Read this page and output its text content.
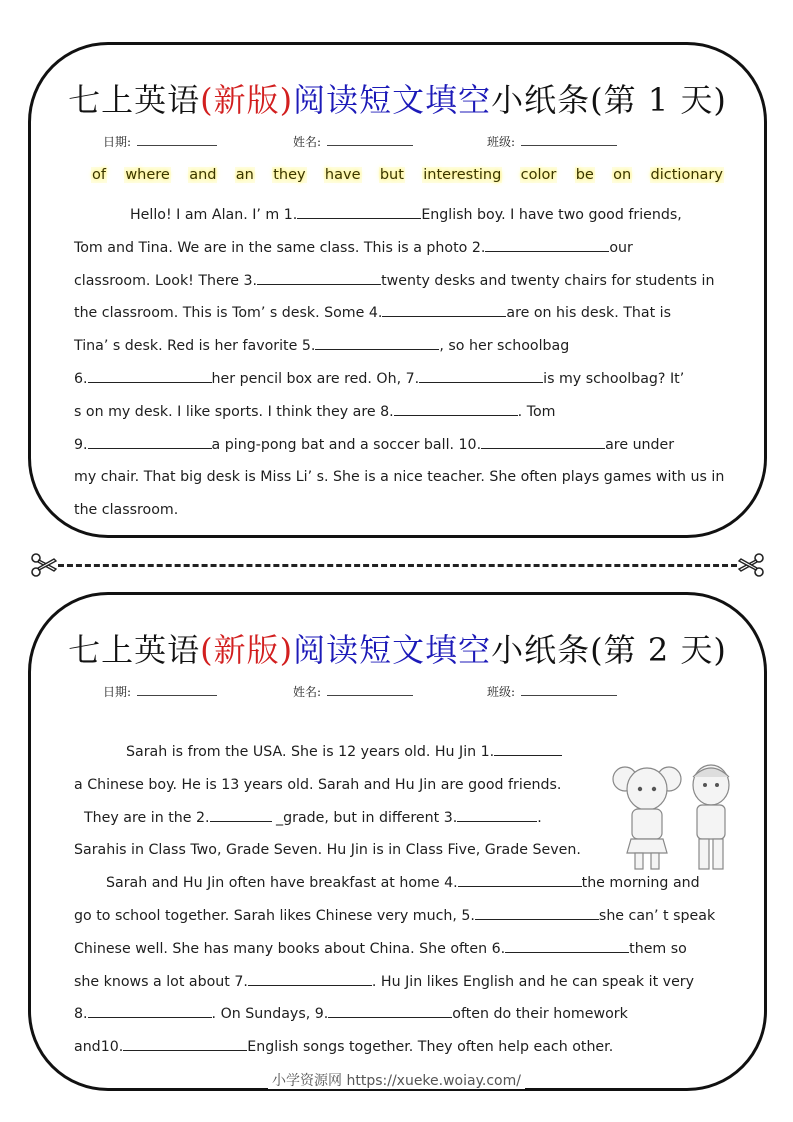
七上英语(新版)阅读短文填空小纸条(第 1 天)
日期:	姓名:	班级:
of where and an they have but interesting color be on dictionary
Hello! I am Alan. I’ m 1.	English boy. I have two good friends,
Tom and Tina. We are in the same class. This is a photo 2.	our
classroom. Look! There 3.	twenty desks and twenty chairs for students in
the classroom. This is Tom’ s desk. Some 4.	are on his desk. That is
Tina’ s desk. Red is her favorite 5.	, so her schoolbag
6.	her pencil box are red. Oh, 7.	is my schoolbag? It’
s on my desk. I like sports. I think they are 8.	. Tom
9.	a ping-pong bat and a soccer ball. 10.	are under
my chair. That big desk is Miss Li’ s. She is a nice teacher. She often plays games with us in
the classroom.
七上英语(新版)阅读短文填空小纸条(第 2 天)
日期:	姓名:	班级:
Sarah is from the USA. She is 12 years old. Hu Jin 1.
a Chinese boy. He is 13 years old. Sarah and Hu Jin are good friends.
They are in the 2.	_grade, but in different 3.	.
Sarahis in Class Two, Grade Seven. Hu Jin is in Class Five, Grade Seven.
Sarah and Hu Jin often have breakfast at home 4.	the morning and
go to school together. Sarah likes Chinese very much, 5.	she can’ t speak
Chinese well. She has many books about China. She often 6.	them so
she knows a lot about 7.	. Hu Jin likes English and he can speak it very
8.	. On Sundays, 9.	often do their homework
and10.	English songs together. They often help each other.
小学资源网 https://xueke.woiay.com/
